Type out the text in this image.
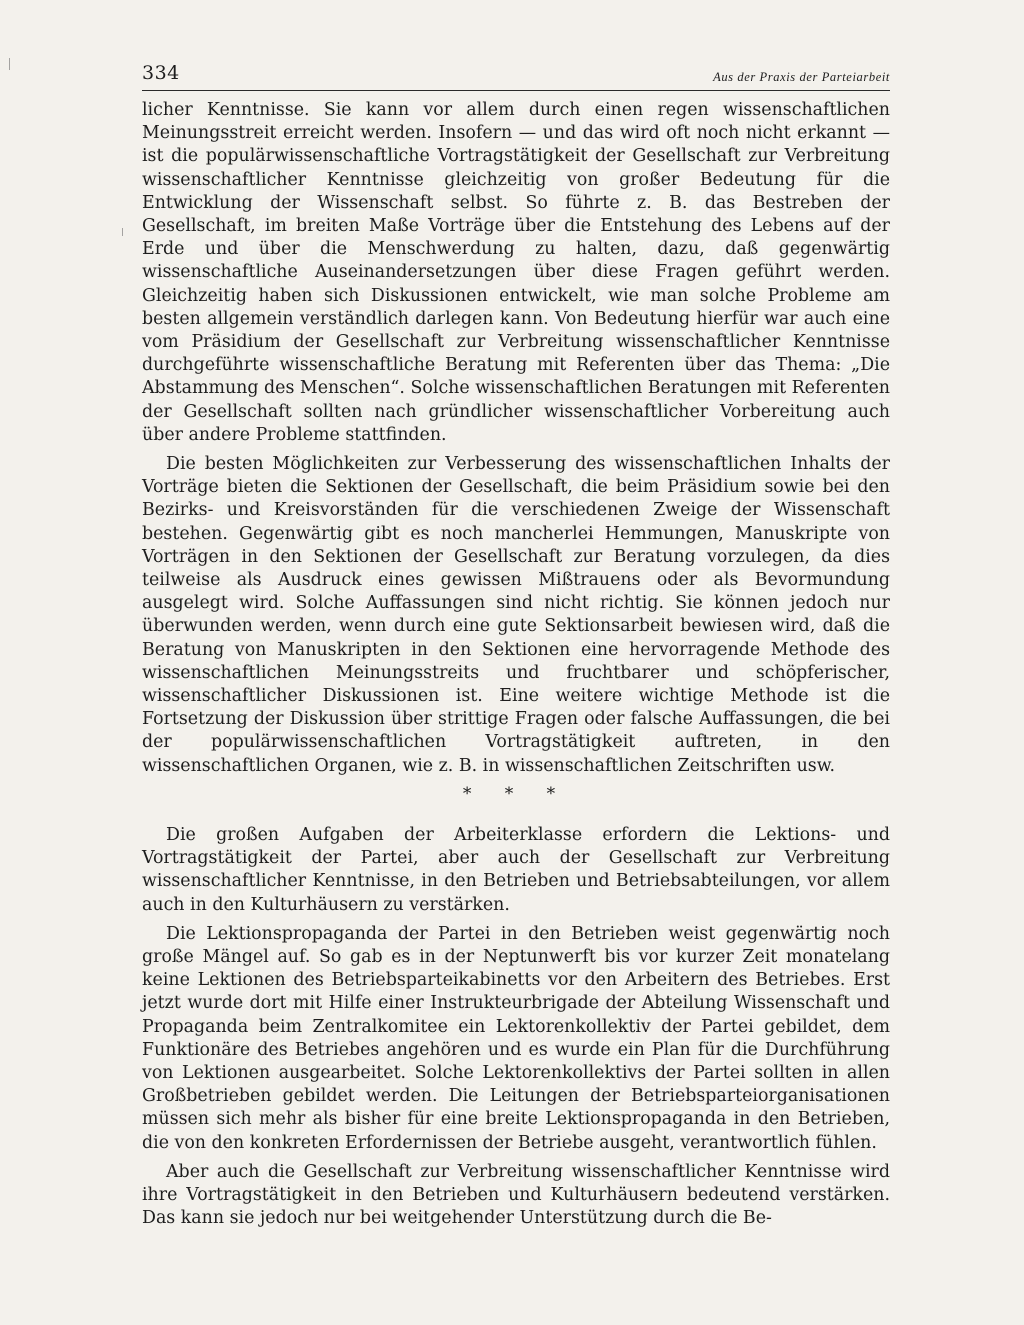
334	Aus der Praxis der Parteiarbeit

licher Kenntnisse. Sie kann vor allem durch einen regen wissenschaftlichen Meinungsstreit erreicht werden. Insofern — und das wird oft noch nicht erkannt — ist die populärwissenschaftliche Vortragstätigkeit der Gesellschaft zur Verbreitung wissenschaftlicher Kenntnisse gleichzeitig von großer Bedeutung für die Entwicklung der Wissenschaft selbst. So führte z. B. das Bestreben der Gesellschaft, im breiten Maße Vorträge über die Entstehung des Lebens auf der Erde und über die Menschwerdung zu halten, dazu, daß gegenwärtig wissenschaftliche Auseinandersetzungen über diese Fragen geführt werden. Gleichzeitig haben sich Diskussionen entwickelt, wie man solche Probleme am besten allgemein verständlich darlegen kann. Von Bedeutung hierfür war auch eine vom Präsidium der Gesellschaft zur Verbreitung wissenschaftlicher Kenntnisse durchgeführte wissenschaftliche Beratung mit Referenten über das Thema: „Die Abstammung des Menschen“. Solche wissenschaftlichen Beratungen mit Referenten der Gesellschaft sollten nach gründlicher wissenschaftlicher Vorbereitung auch über andere Probleme stattfinden.

Die besten Möglichkeiten zur Verbesserung des wissenschaftlichen Inhalts der Vorträge bieten die Sektionen der Gesellschaft, die beim Präsidium sowie bei den Bezirks- und Kreisvorständen für die verschiedenen Zweige der Wissenschaft bestehen. Gegenwärtig gibt es noch mancherlei Hemmungen, Manuskripte von Vorträgen in den Sektionen der Gesellschaft zur Beratung vorzulegen, da dies teilweise als Ausdruck eines gewissen Mißtrauens oder als Bevormundung ausgelegt wird. Solche Auffassungen sind nicht richtig. Sie können jedoch nur überwunden werden, wenn durch eine gute Sektionsarbeit bewiesen wird, daß die Beratung von Manuskripten in den Sektionen eine hervorragende Methode des wissenschaftlichen Meinungsstreits und fruchtbarer und schöpferischer, wissenschaftlicher Diskussionen ist. Eine weitere wichtige Methode ist die Fortsetzung der Diskussion über strittige Fragen oder falsche Auffassungen, die bei der populärwissenschaftlichen Vortragstätigkeit auftreten, in den wissenschaftlichen Organen, wie z. B. in wissenschaftlichen Zeitschriften usw.

* * *

Die großen Aufgaben der Arbeiterklasse erfordern die Lektions- und Vortragstätigkeit der Partei, aber auch der Gesellschaft zur Verbreitung wissenschaftlicher Kenntnisse, in den Betrieben und Betriebsabteilungen, vor allem auch in den Kulturhäusern zu verstärken.

Die Lektionspropaganda der Partei in den Betrieben weist gegenwärtig noch große Mängel auf. So gab es in der Neptunwerft bis vor kurzer Zeit monatelang keine Lektionen des Betriebsparteikabinetts vor den Arbeitern des Betriebes. Erst jetzt wurde dort mit Hilfe einer Instrukteurbrigade der Abteilung Wissenschaft und Propaganda beim Zentralkomitee ein Lektorenkollektiv der Partei gebildet, dem Funktionäre des Betriebes angehören und es wurde ein Plan für die Durchführung von Lektionen ausgearbeitet. Solche Lektorenkollektivs der Partei sollten in allen Großbetrieben gebildet werden. Die Leitungen der Betriebsparteiorganisationen müssen sich mehr als bisher für eine breite Lektionspropaganda in den Betrieben, die von den konkreten Erfordernissen der Betriebe ausgeht, verantwortlich fühlen.

Aber auch die Gesellschaft zur Verbreitung wissenschaftlicher Kenntnisse wird ihre Vortragstätigkeit in den Betrieben und Kulturhäusern bedeutend verstärken. Das kann sie jedoch nur bei weitgehender Unterstützung durch die Be-
